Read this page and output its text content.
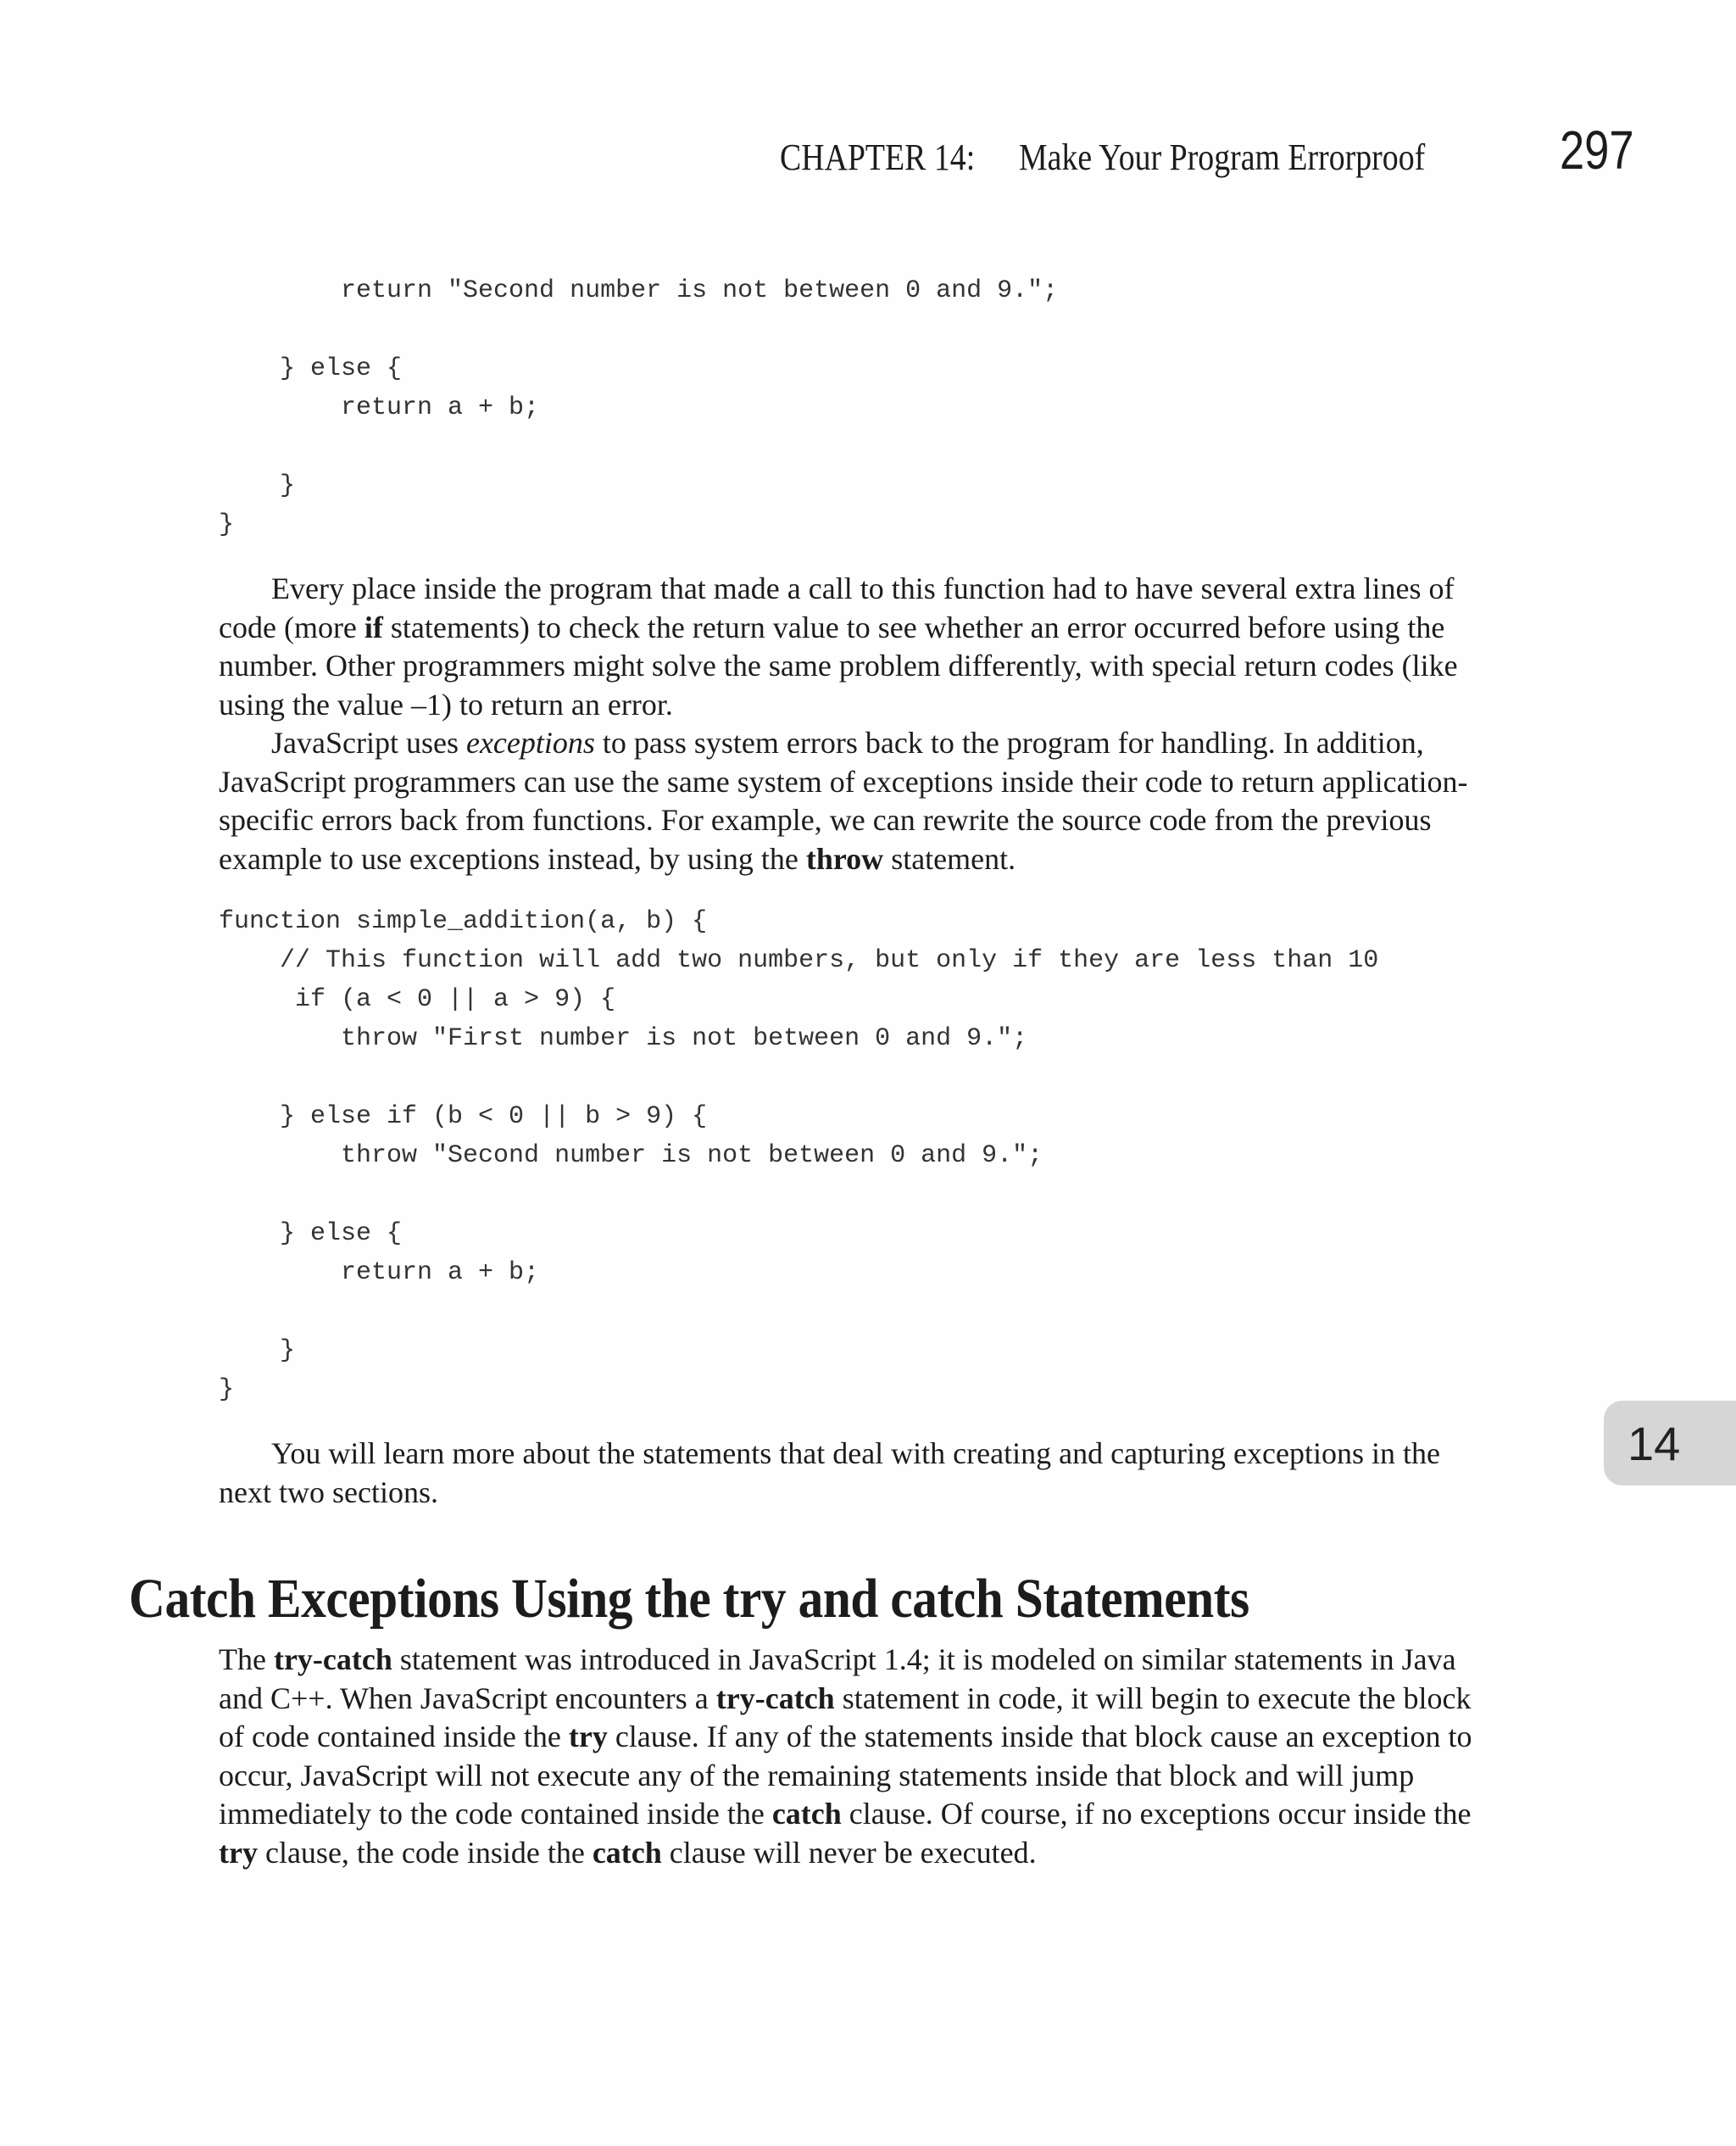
CHAPTER 14: Make Your Program Errorproof 297
return "Second number is not between 0 and 9.";

} else {
return a + b;

}
}

Every place inside the program that made a call to this function had to have several extra lines of code (more if statements) to check the return value to see whether an error occurred before using the number. Other programmers might solve the same problem differently, with special return codes (like using the value –1) to return an error.

JavaScript uses exceptions to pass system errors back to the program for handling. In addition, JavaScript programmers can use the same system of exceptions inside their code to return application-specific errors back from functions. For example, we can rewrite the source code from the previous example to use exceptions instead, by using the throw statement.

function simple_addition(a, b) {
// This function will add two numbers, but only if they are less than 10
if (a < 0 || a > 9) {
throw "First number is not between 0 and 9.";

} else if (b < 0 || b > 9) {
throw "Second number is not between 0 and 9.";

} else {
return a + b;

}
}

You will learn more about the statements that deal with creating and capturing exceptions in the next two sections.

14
Catch Exceptions Using the try and catch Statements

The try-catch statement was introduced in JavaScript 1.4; it is modeled on similar statements in Java and C++. When JavaScript encounters a try-catch statement in code, it will begin to execute the block of code contained inside the try clause. If any of the statements inside that block cause an exception to occur, JavaScript will not execute any of the remaining statements inside that block and will jump immediately to the code contained inside the catch clause. Of course, if no exceptions occur inside the try clause, the code inside the catch clause will never be executed.
